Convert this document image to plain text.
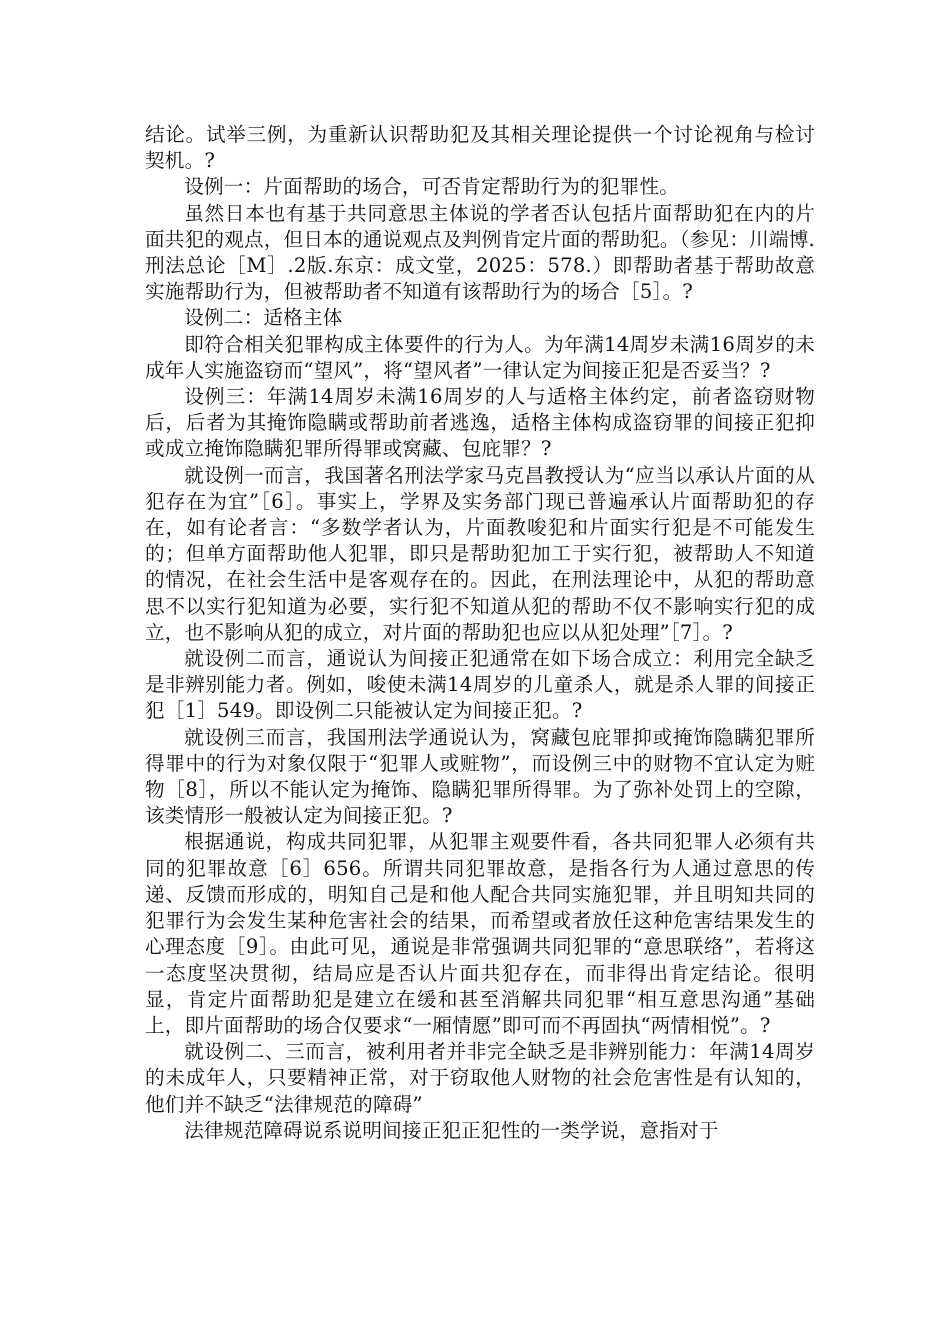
结论。试举三例，为重新认识帮助犯及其相关理论提供一个讨论视角与检讨契机。?

设例一：片面帮助的场合，可否肯定帮助行为的犯罪性。

虽然日本也有基于共同意思主体说的学者否认包括片面帮助犯在内的片面共犯的观点，但日本的通说观点及判例肯定片面的帮助犯。（参见：川端博.刑法总论［M］.2版.东京：成文堂，2025：578.）即帮助者基于帮助故意实施帮助行为，但被帮助者不知道有该帮助行为的场合［5］。?

设例二：适格主体

即符合相关犯罪构成主体要件的行为人。为年满14周岁未满16周岁的未成年人实施盗窃而“望风”，将“望风者”一律认定为间接正犯是否妥当？?

设例三：年满14周岁未满16周岁的人与适格主体约定，前者盗窃财物后，后者为其掩饰隐瞒或帮助前者逃逸，适格主体构成盗窃罪的间接正犯抑或成立掩饰隐瞒犯罪所得罪或窝藏、包庇罪？?

就设例一而言，我国著名刑法学家马克昌教授认为“应当以承认片面的从犯存在为宜”［6］。事实上，学界及实务部门现已普遍承认片面帮助犯的存在，如有论者言：“多数学者认为，片面教唆犯和片面实行犯是不可能发生的；但单方面帮助他人犯罪，即只是帮助犯加工于实行犯，被帮助人不知道的情况，在社会生活中是客观存在的。因此，在刑法理论中，从犯的帮助意思不以实行犯知道为必要，实行犯不知道从犯的帮助不仅不影响实行犯的成立，也不影响从犯的成立，对片面的帮助犯也应以从犯处理”［7］。?

就设例二而言，通说认为间接正犯通常在如下场合成立：利用完全缺乏是非辨别能力者。例如，唆使未满14周岁的儿童杀人，就是杀人罪的间接正犯［1］549。即设例二只能被认定为间接正犯。?

就设例三而言，我国刑法学通说认为，窝藏包庇罪抑或掩饰隐瞒犯罪所得罪中的行为对象仅限于“犯罪人或赃物”，而设例三中的财物不宜认定为赃物［8］，所以不能认定为掩饰、隐瞒犯罪所得罪。为了弥补处罚上的空隙，该类情形一般被认定为间接正犯。?

根据通说，构成共同犯罪，从犯罪主观要件看，各共同犯罪人必须有共同的犯罪故意［6］656。所谓共同犯罪故意，是指各行为人通过意思的传递、反馈而形成的，明知自己是和他人配合共同实施犯罪，并且明知共同的犯罪行为会发生某种危害社会的结果，而希望或者放任这种危害结果发生的心理态度［9］。由此可见，通说是非常强调共同犯罪的“意思联络”，若将这一态度坚决贯彻，结局应是否认片面共犯存在，而非得出肯定结论。很明显，肯定片面帮助犯是建立在缓和甚至消解共同犯罪“相互意思沟通”基础上，即片面帮助的场合仅要求“一厢情愿”即可而不再固执“两情相悦”。?

就设例二、三而言，被利用者并非完全缺乏是非辨别能力：年满14周岁的未成年人，只要精神正常，对于窃取他人财物的社会危害性是有认知的，他们并不缺乏“法律规范的障碍”

法律规范障碍说系说明间接正犯正犯性的一类学说，意指对于
